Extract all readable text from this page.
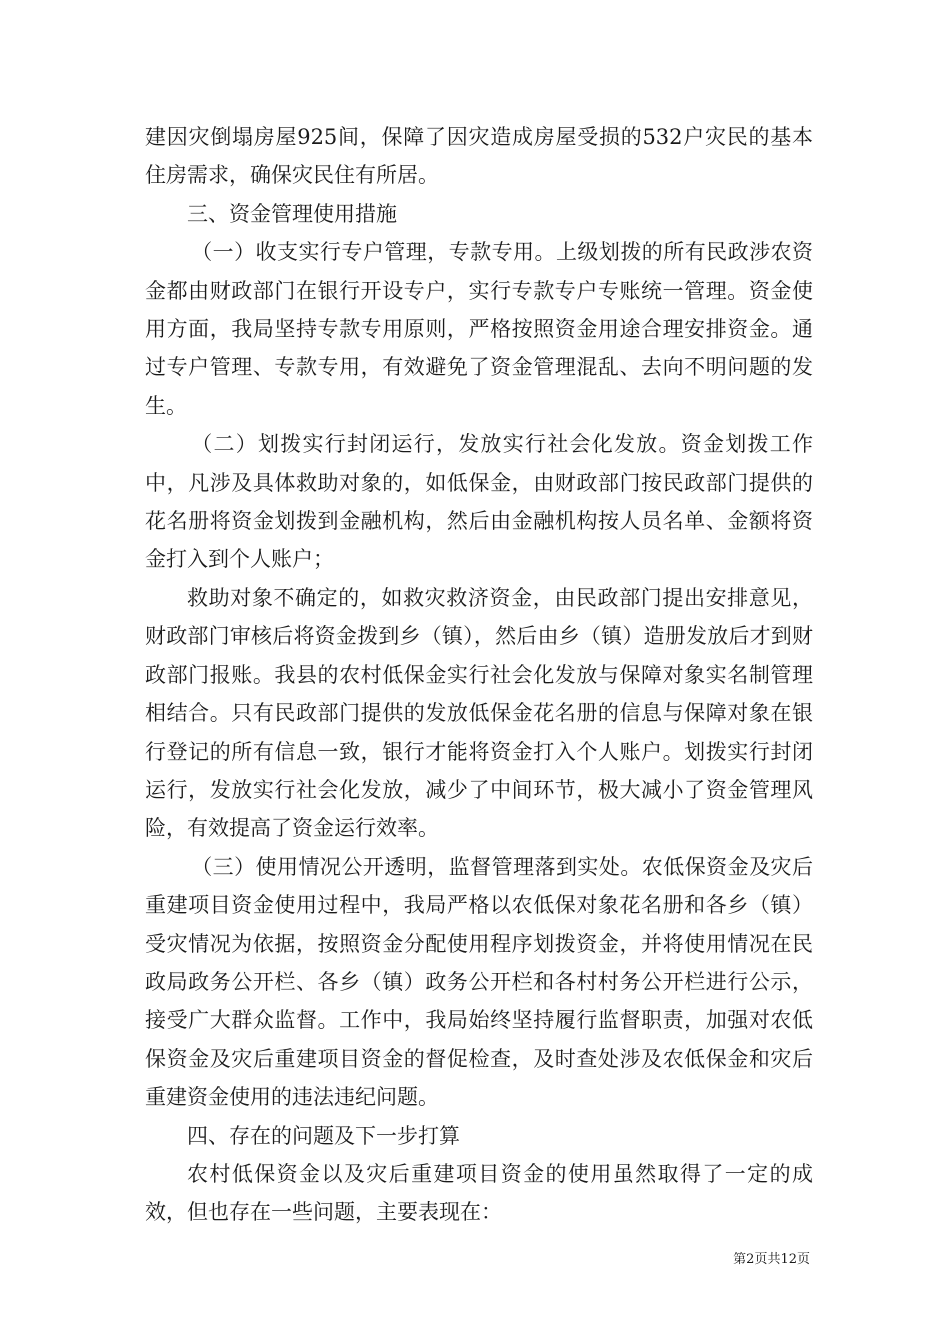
建因灾倒塌房屋925间，保障了因灾造成房屋受损的532户灾民的基本住房需求，确保灾民住有所居。

三、资金管理使用措施

（一）收支实行专户管理，专款专用。上级划拨的所有民政涉农资金都由财政部门在银行开设专户，实行专款专户专账统一管理。资金使用方面，我局坚持专款专用原则，严格按照资金用途合理安排资金。通过专户管理、专款专用，有效避免了资金管理混乱、去向不明问题的发生。

（二）划拨实行封闭运行，发放实行社会化发放。资金划拨工作中，凡涉及具体救助对象的，如低保金，由财政部门按民政部门提供的花名册将资金划拨到金融机构，然后由金融机构按人员名单、金额将资金打入到个人账户；

救助对象不确定的，如救灾救济资金，由民政部门提出安排意见，财政部门审核后将资金拨到乡（镇），然后由乡（镇）造册发放后才到财政部门报账。我县的农村低保金实行社会化发放与保障对象实名制管理相结合。只有民政部门提供的发放低保金花名册的信息与保障对象在银行登记的所有信息一致，银行才能将资金打入个人账户。划拨实行封闭运行，发放实行社会化发放，减少了中间环节，极大减小了资金管理风险，有效提高了资金运行效率。

（三）使用情况公开透明，监督管理落到实处。农低保资金及灾后重建项目资金使用过程中，我局严格以农低保对象花名册和各乡（镇）受灾情况为依据，按照资金分配使用程序划拨资金，并将使用情况在民政局政务公开栏、各乡（镇）政务公开栏和各村村务公开栏进行公示，接受广大群众监督。工作中，我局始终坚持履行监督职责，加强对农低保资金及灾后重建项目资金的督促检查，及时查处涉及农低保金和灾后重建资金使用的违法违纪问题。

四、存在的问题及下一步打算

农村低保资金以及灾后重建项目资金的使用虽然取得了一定的成效，但也存在一些问题，主要表现在：

第2页共12页
